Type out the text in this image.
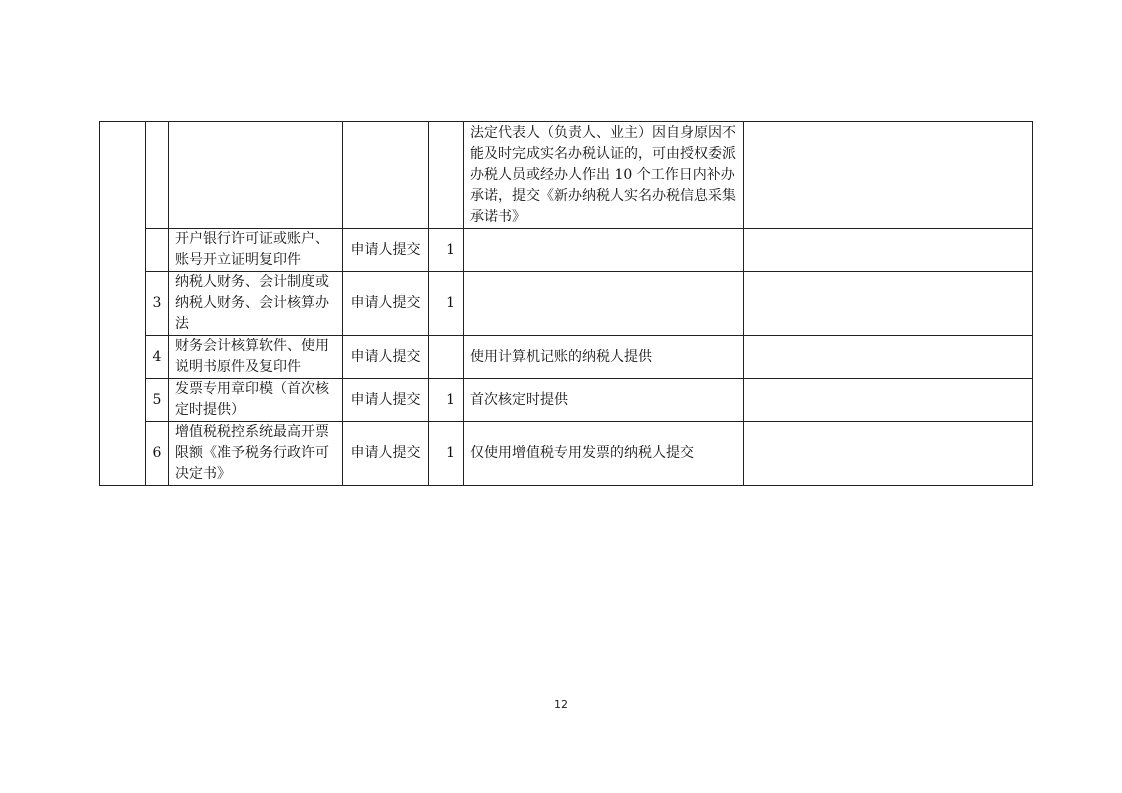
					法定代表人（负责人、业主）因自身原因不能及时完成实名办税认证的，可由授权委派办税人员或经办人作出 10 个工作日内补办承诺，提交《新办纳税人实名办税信息采集承诺书》	
		开户银行许可证或账户、账号开立证明复印件	申请人提交	1		
	3	纳税人财务、会计制度或纳税人财务、会计核算办法	申请人提交	1		
	4	财务会计核算软件、使用说明书原件及复印件	申请人提交		使用计算机记账的纳税人提供	
	5	发票专用章印模（首次核定时提供）	申请人提交	1	首次核定时提供	
	6	增值税税控系统最高开票限额《准予税务行政许可决定书》	申请人提交	1	仅使用增值税专用发票的纳税人提交	
12
